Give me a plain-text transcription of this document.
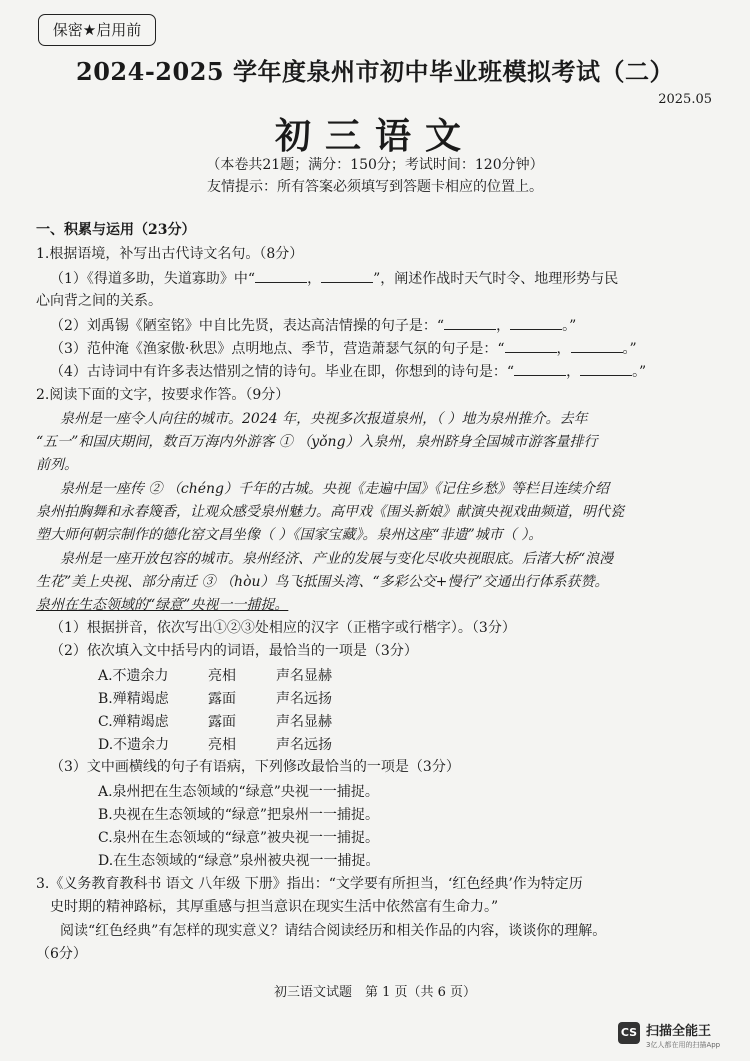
保密★启用前
2024-2025 学年度泉州市初中毕业班模拟考试（二）
2025.05
初三语文
（本卷共21题；满分：150分；考试时间：120分钟）
友情提示：所有答案必须填写到答题卡相应的位置上。
一、积累与运用（23分）
1.根据语境，补写出古代诗文名句。（8分）
（1）《得道多助，失道寡助》中“	，	”，阐述作战时天气时令、地理形势与民
心向背之间的关系。
（2）刘禹锡《陋室铭》中自比先贤，表达高洁情操的句子是：“	，	。”
（3）范仲淹《渔家傲·秋思》点明地点、季节，营造萧瑟气氛的句子是：“	，	。”
（4）古诗词中有许多表达惜别之情的诗句。毕业在即，你想到的诗句是：“	，	。”
2.阅读下面的文字，按要求作答。（9分）
泉州是一座令人向往的城市。2024 年，央视多次报道泉州，（ ）地为泉州推介。去年
“五一”和国庆期间，数百万海内外游客 ① （yǒng）入泉州，泉州跻身全国城市游客量排行
前列。
泉州是一座传 ② （chéng）千年的古城。央视《走遍中国》《记住乡愁》等栏目连续介绍
泉州拍胸舞和永春篾香，让观众感受泉州魅力。高甲戏《围头新娘》献演央视戏曲频道，明代瓷
塑大师何朝宗制作的德化窑文昌坐像（ ）《国家宝藏》。泉州这座“非遗”城市（ ）。
泉州是一座开放包容的城市。泉州经济、产业的发展与变化尽收央视眼底。后渚大桥“浪漫
生花”美上央视、部分南迁 ③ （hòu）鸟飞抵围头湾、“多彩公交+慢行”交通出行体系获赞。
泉州在生态领域的“绿意”央视一一捕捉。
（1）根据拼音，依次写出①②③处相应的汉字（正楷字或行楷字）。（3分）
（2）依次填入文中括号内的词语，最恰当的一项是（3分）
A.不遗余力	亮相	声名显赫
B.殚精竭虑	露面	声名远扬
C.殚精竭虑	露面	声名显赫
D.不遗余力	亮相	声名远扬
（3）文中画横线的句子有语病，下列修改最恰当的一项是（3分）
A.泉州把在生态领域的“绿意”央视一一捕捉。
B.央视在生态领域的“绿意”把泉州一一捕捉。
C.泉州在生态领域的“绿意”被央视一一捕捉。
D.在生态领域的“绿意”泉州被央视一一捕捉。
3.《义务教育教科书 语文 八年级 下册》指出：“文学要有所担当，‘红色经典’作为特定历
史时期的精神路标，其厚重感与担当意识在现实生活中依然富有生命力。”
阅读“红色经典”有怎样的现实意义？请结合阅读经历和相关作品的内容，谈谈你的理解。
（6分）
初三语文试题　第 1 页（共 6 页）
CS 扫描全能王
3亿人都在用的扫描App
